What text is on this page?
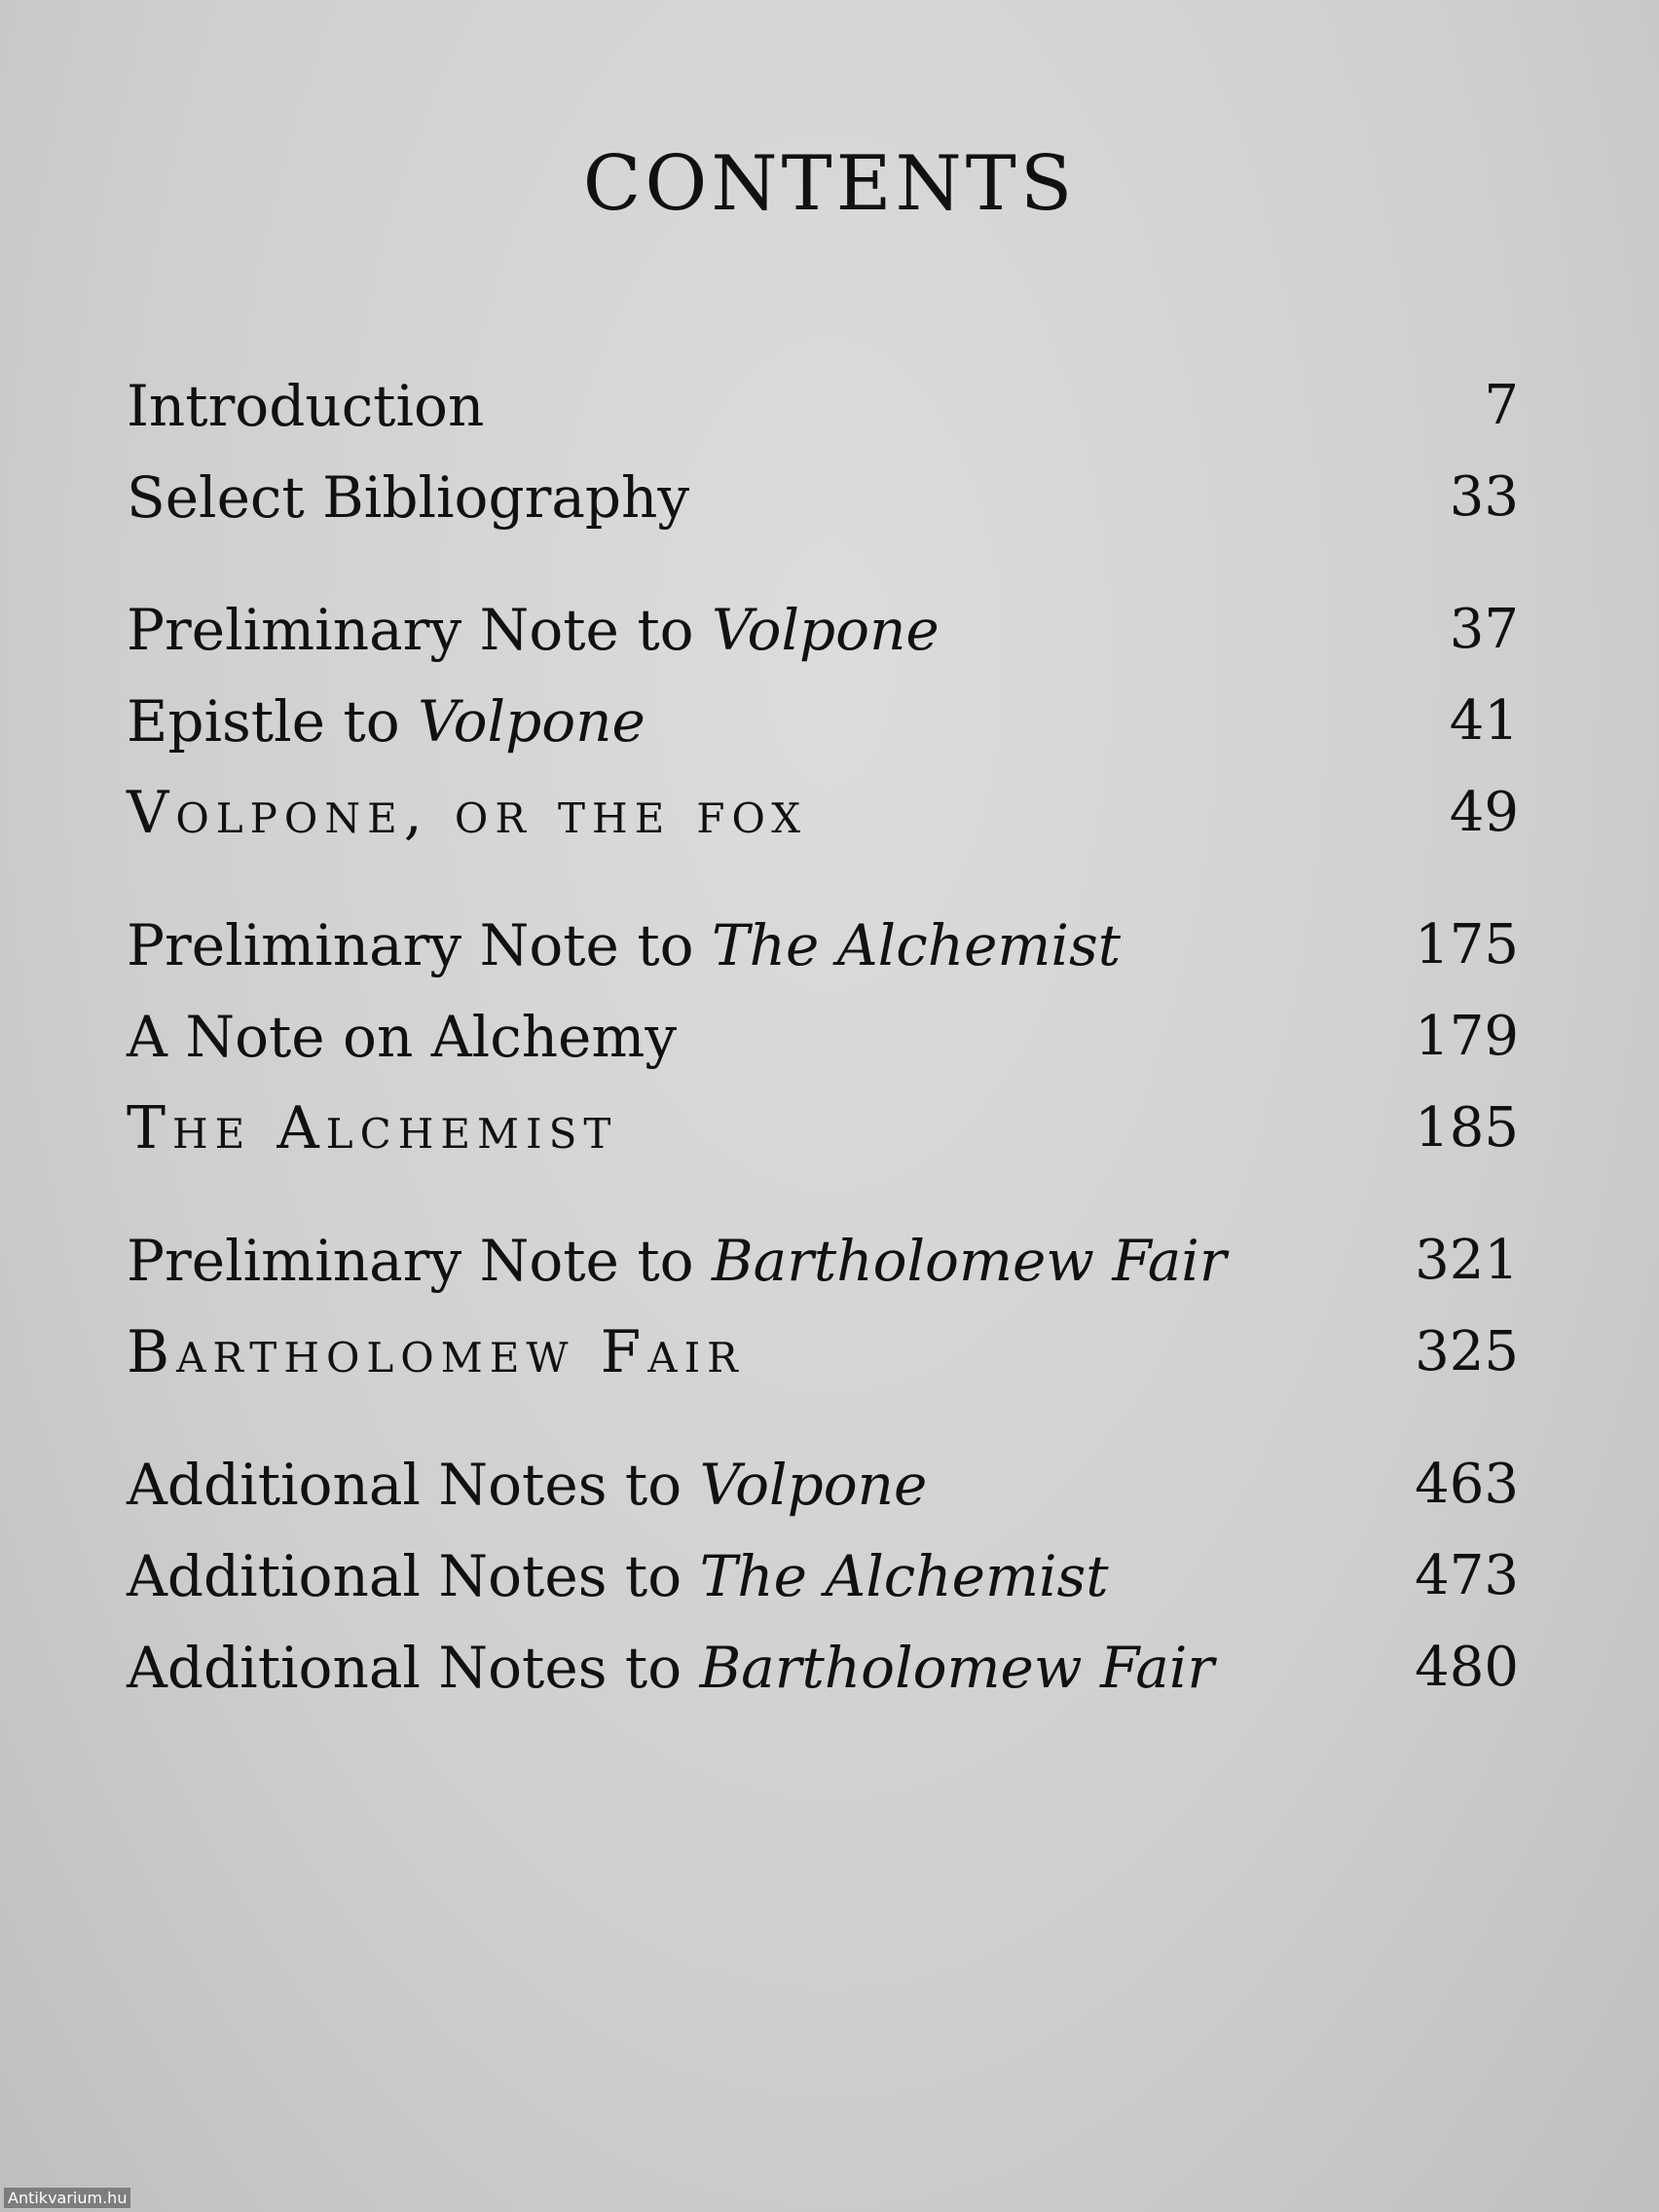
CONTENTS
Introduction	7
Select Bibliography	33
Preliminary Note to Volpone	37
Epistle to Volpone	41
Volpone, or the fox	49
Preliminary Note to The Alchemist	175
A Note on Alchemy	179
The Alchemist	185
Preliminary Note to Bartholomew Fair	321
Bartholomew Fair	325
Additional Notes to Volpone	463
Additional Notes to The Alchemist	473
Additional Notes to Bartholomew Fair	480
Antikvarium.hu
